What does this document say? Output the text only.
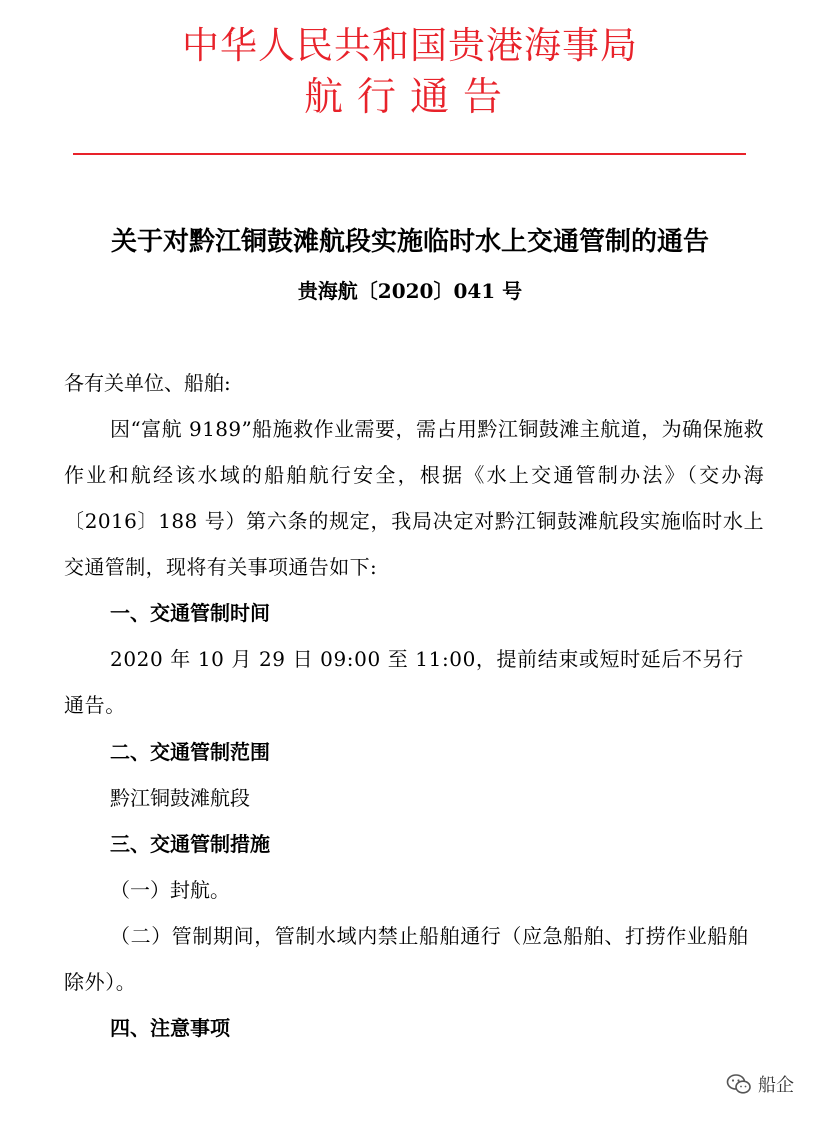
中华人民共和国贵港海事局
航行通告
关于对黔江铜鼓滩航段实施临时水上交通管制的通告
贵海航〔2020〕041 号
各有关单位、船舶:
因“富航 9189”船施救作业需要，需占用黔江铜鼓滩主航道，为确保施救作业和航经该水域的船舶航行安全，根据《水上交通管制办法》（交办海〔2016〕188 号）第六条的规定，我局决定对黔江铜鼓滩航段实施临时水上交通管制，现将有关事项通告如下:
一、交通管制时间
2020 年 10 月 29 日 09:00 至 11:00，提前结束或短时延后不另行通告。
二、交通管制范围
黔江铜鼓滩航段
三、交通管制措施
（一）封航。
（二）管制期间，管制水域内禁止船舶通行（应急船舶、打捞作业船舶除外）。
四、注意事项
船企
